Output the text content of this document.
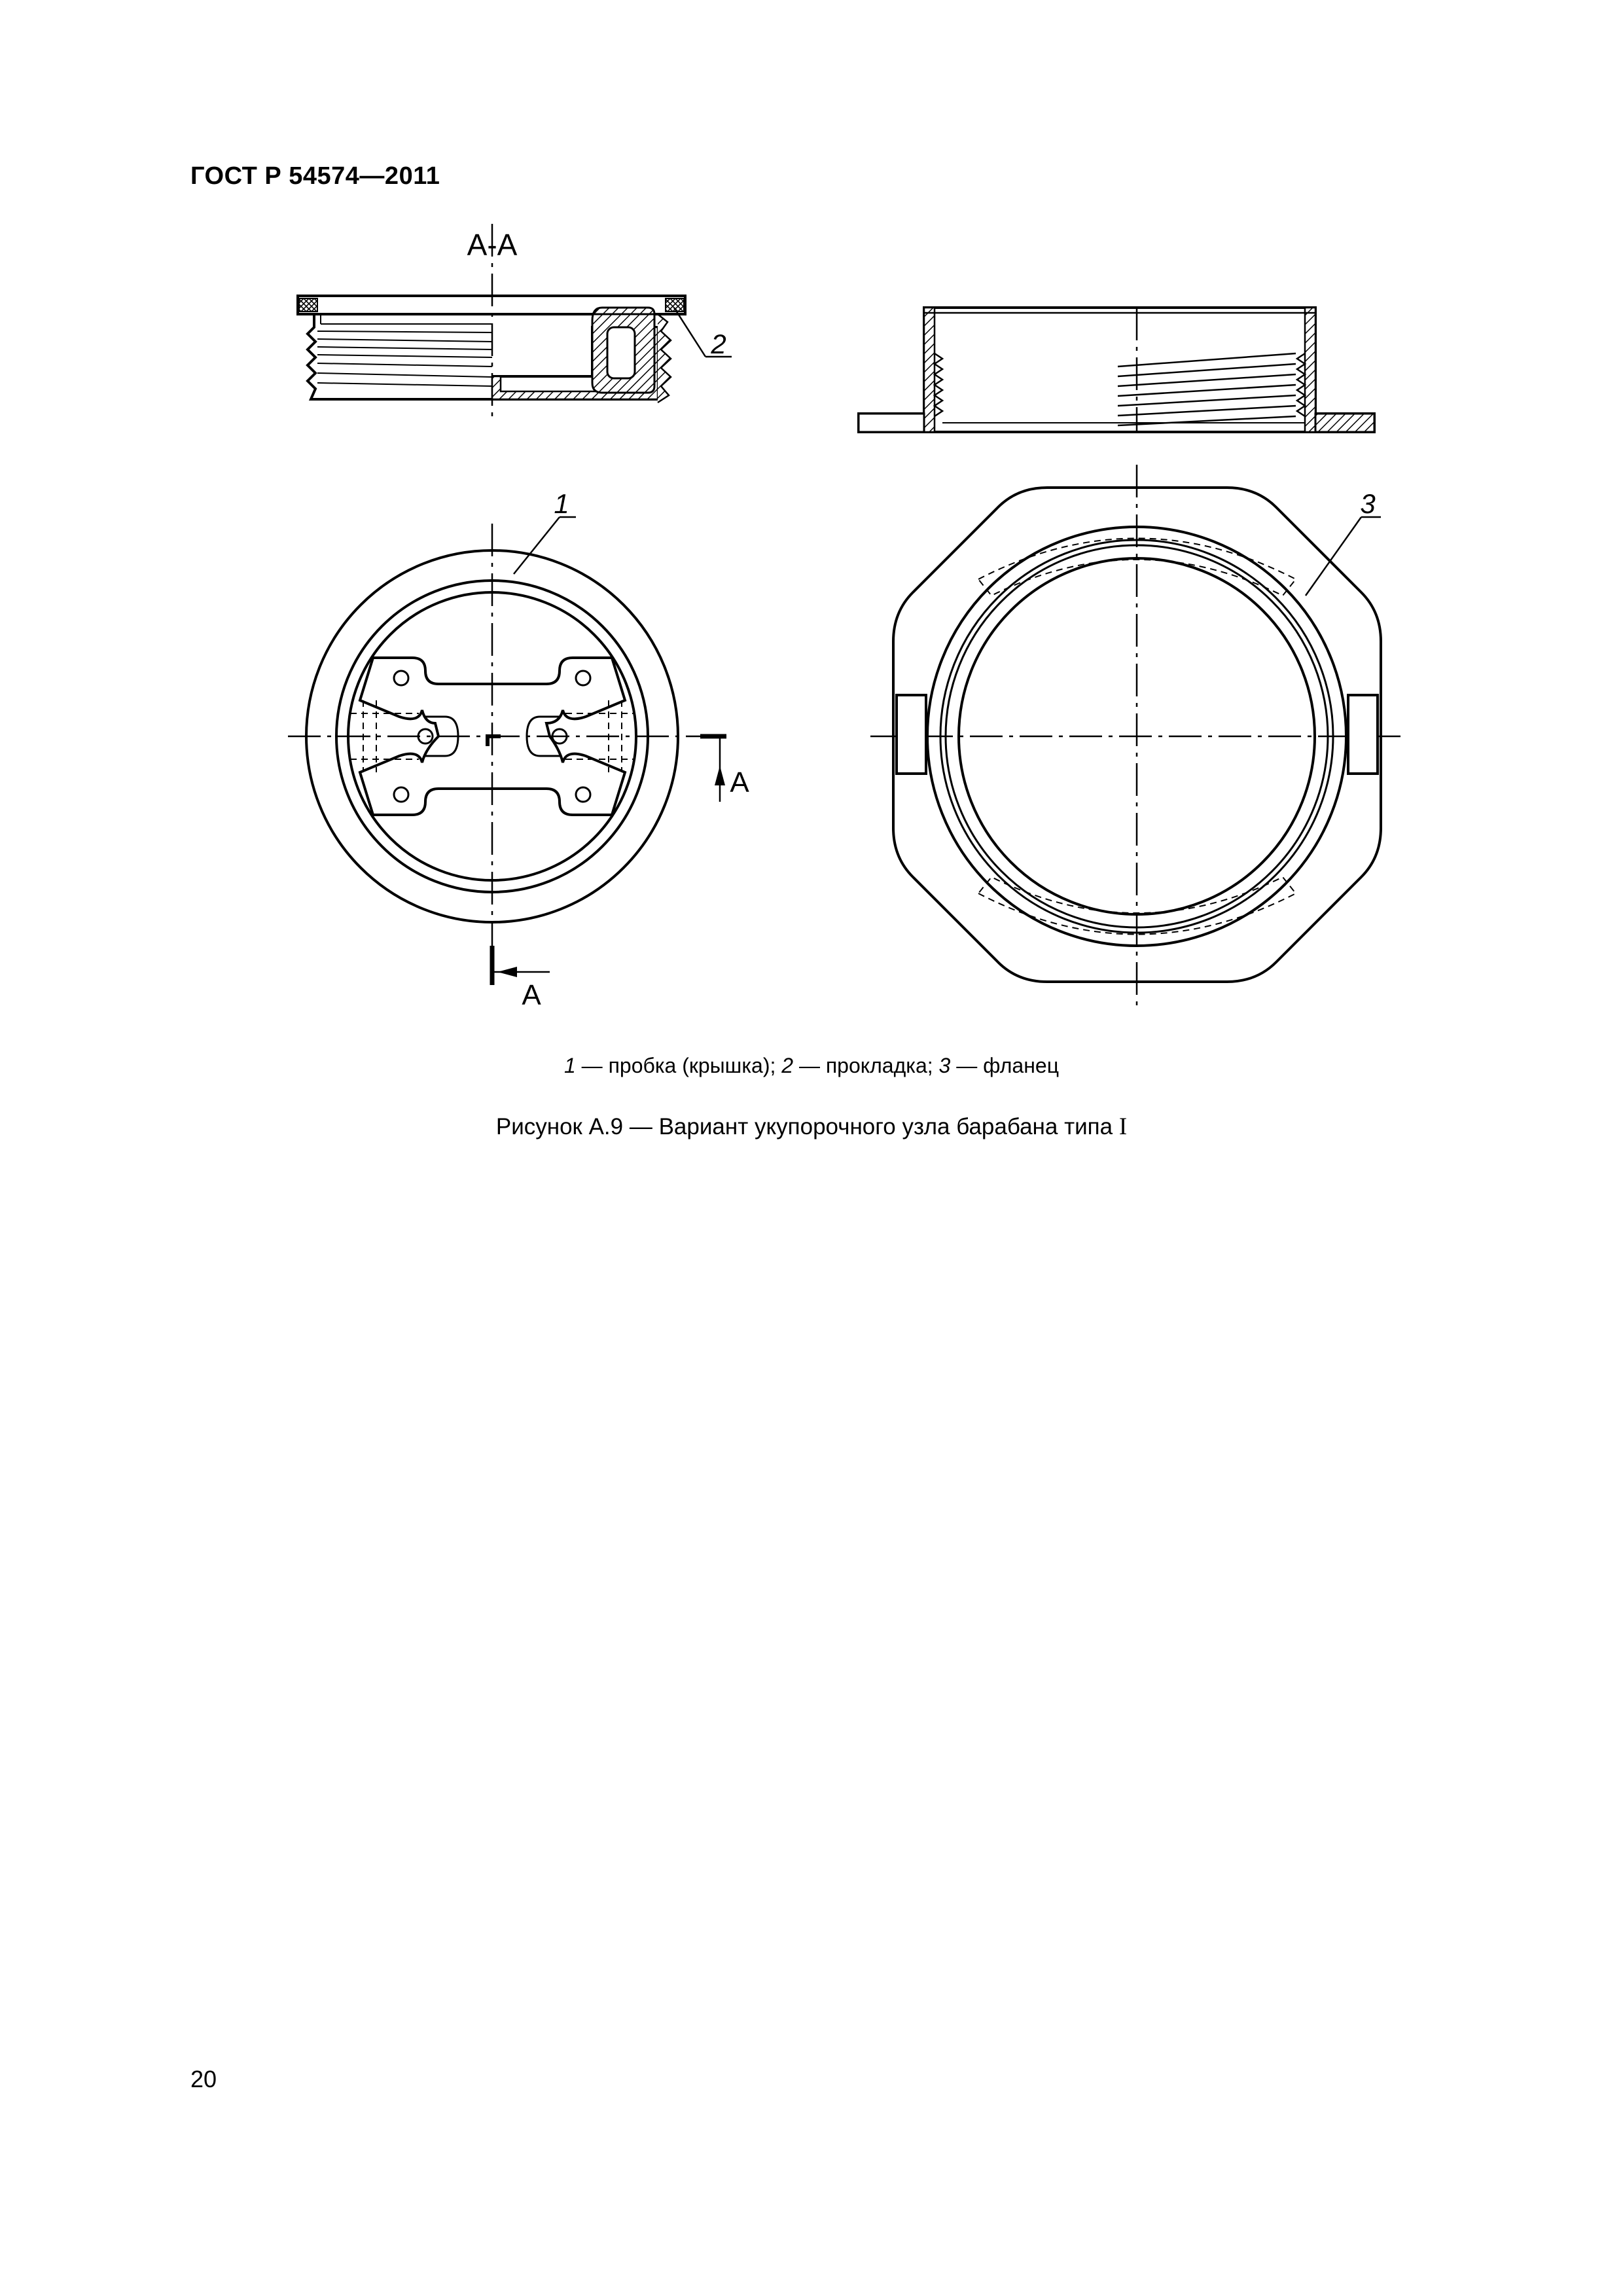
ГОСТ Р 54574—2011
А-А
2
А
А
1	3
1 — пробка (крышка); 2 — прокладка; 3 — фланец
Рисунок А.9 — Вариант укупорочного узла барабана типа I
20
